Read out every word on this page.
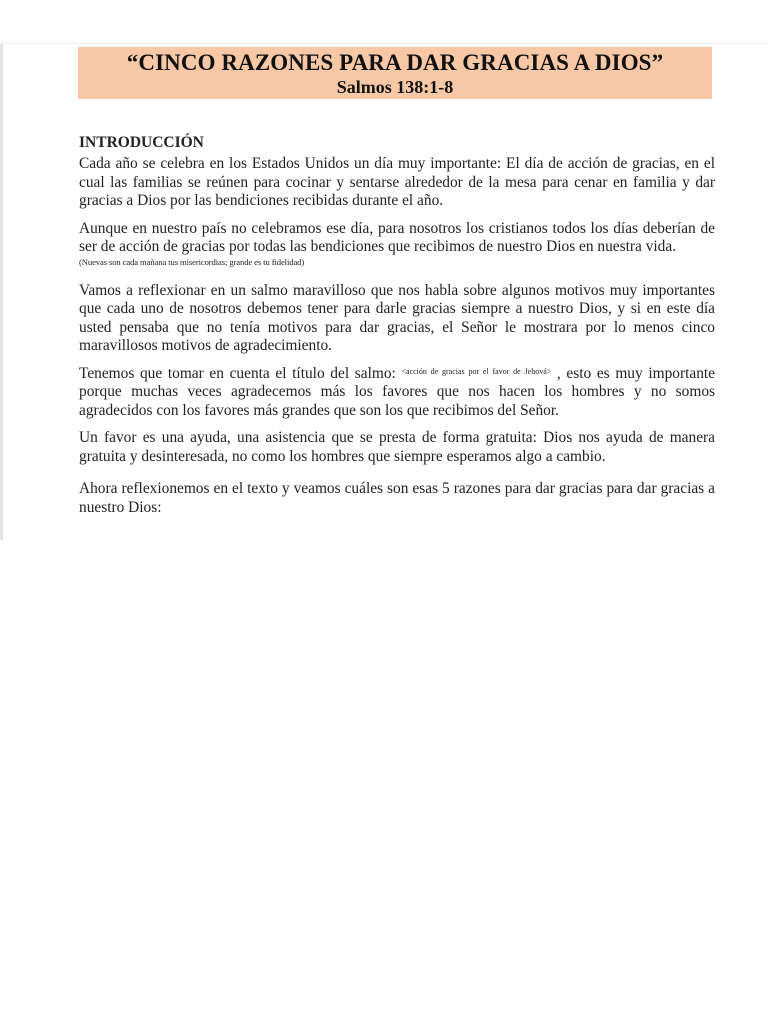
“CINCO RAZONES PARA DAR GRACIAS A DIOS”
Salmos 138:1-8
INTRODUCCIÓN

Cada año se celebra en los Estados Unidos un día muy importante: El día de acción de gracias, en el cual las familias se reúnen para cocinar y sentarse alrededor de la mesa para cenar en familia y dar gracias a Dios por las bendiciones recibidas durante el año.

Aunque en nuestro país no celebramos ese día, para nosotros los cristianos todos los días deberían de ser de acción de gracias por todas las bendiciones que recibimos de nuestro Dios en nuestra vida.
(Nuevas son cada mañana tus misericordias; grande es tu fidelidad)

Vamos a reflexionar en un salmo maravilloso que nos habla sobre algunos motivos muy importantes que cada uno de nosotros debemos tener para darle gracias siempre a nuestro Dios, y si en este día usted pensaba que no tenía motivos para dar gracias, el Señor le mostrara por lo menos cinco maravillosos motivos de agradecimiento.

Tenemos que tomar en cuenta el título del salmo: $^{<acción de gracias por el favor de Jehová>}$ , esto es muy importante porque muchas veces agradecemos más los favores que nos hacen los hombres y no somos agradecidos con los favores más grandes que son los que recibimos del Señor.

Un favor es una ayuda, una asistencia que se presta de forma gratuita: Dios nos ayuda de manera gratuita y desinteresada, no como los hombres que siempre esperamos algo a cambio.

Ahora reflexionemos en el texto y veamos cuáles son esas 5 razones para dar gracias para dar gracias a nuestro Dios:
